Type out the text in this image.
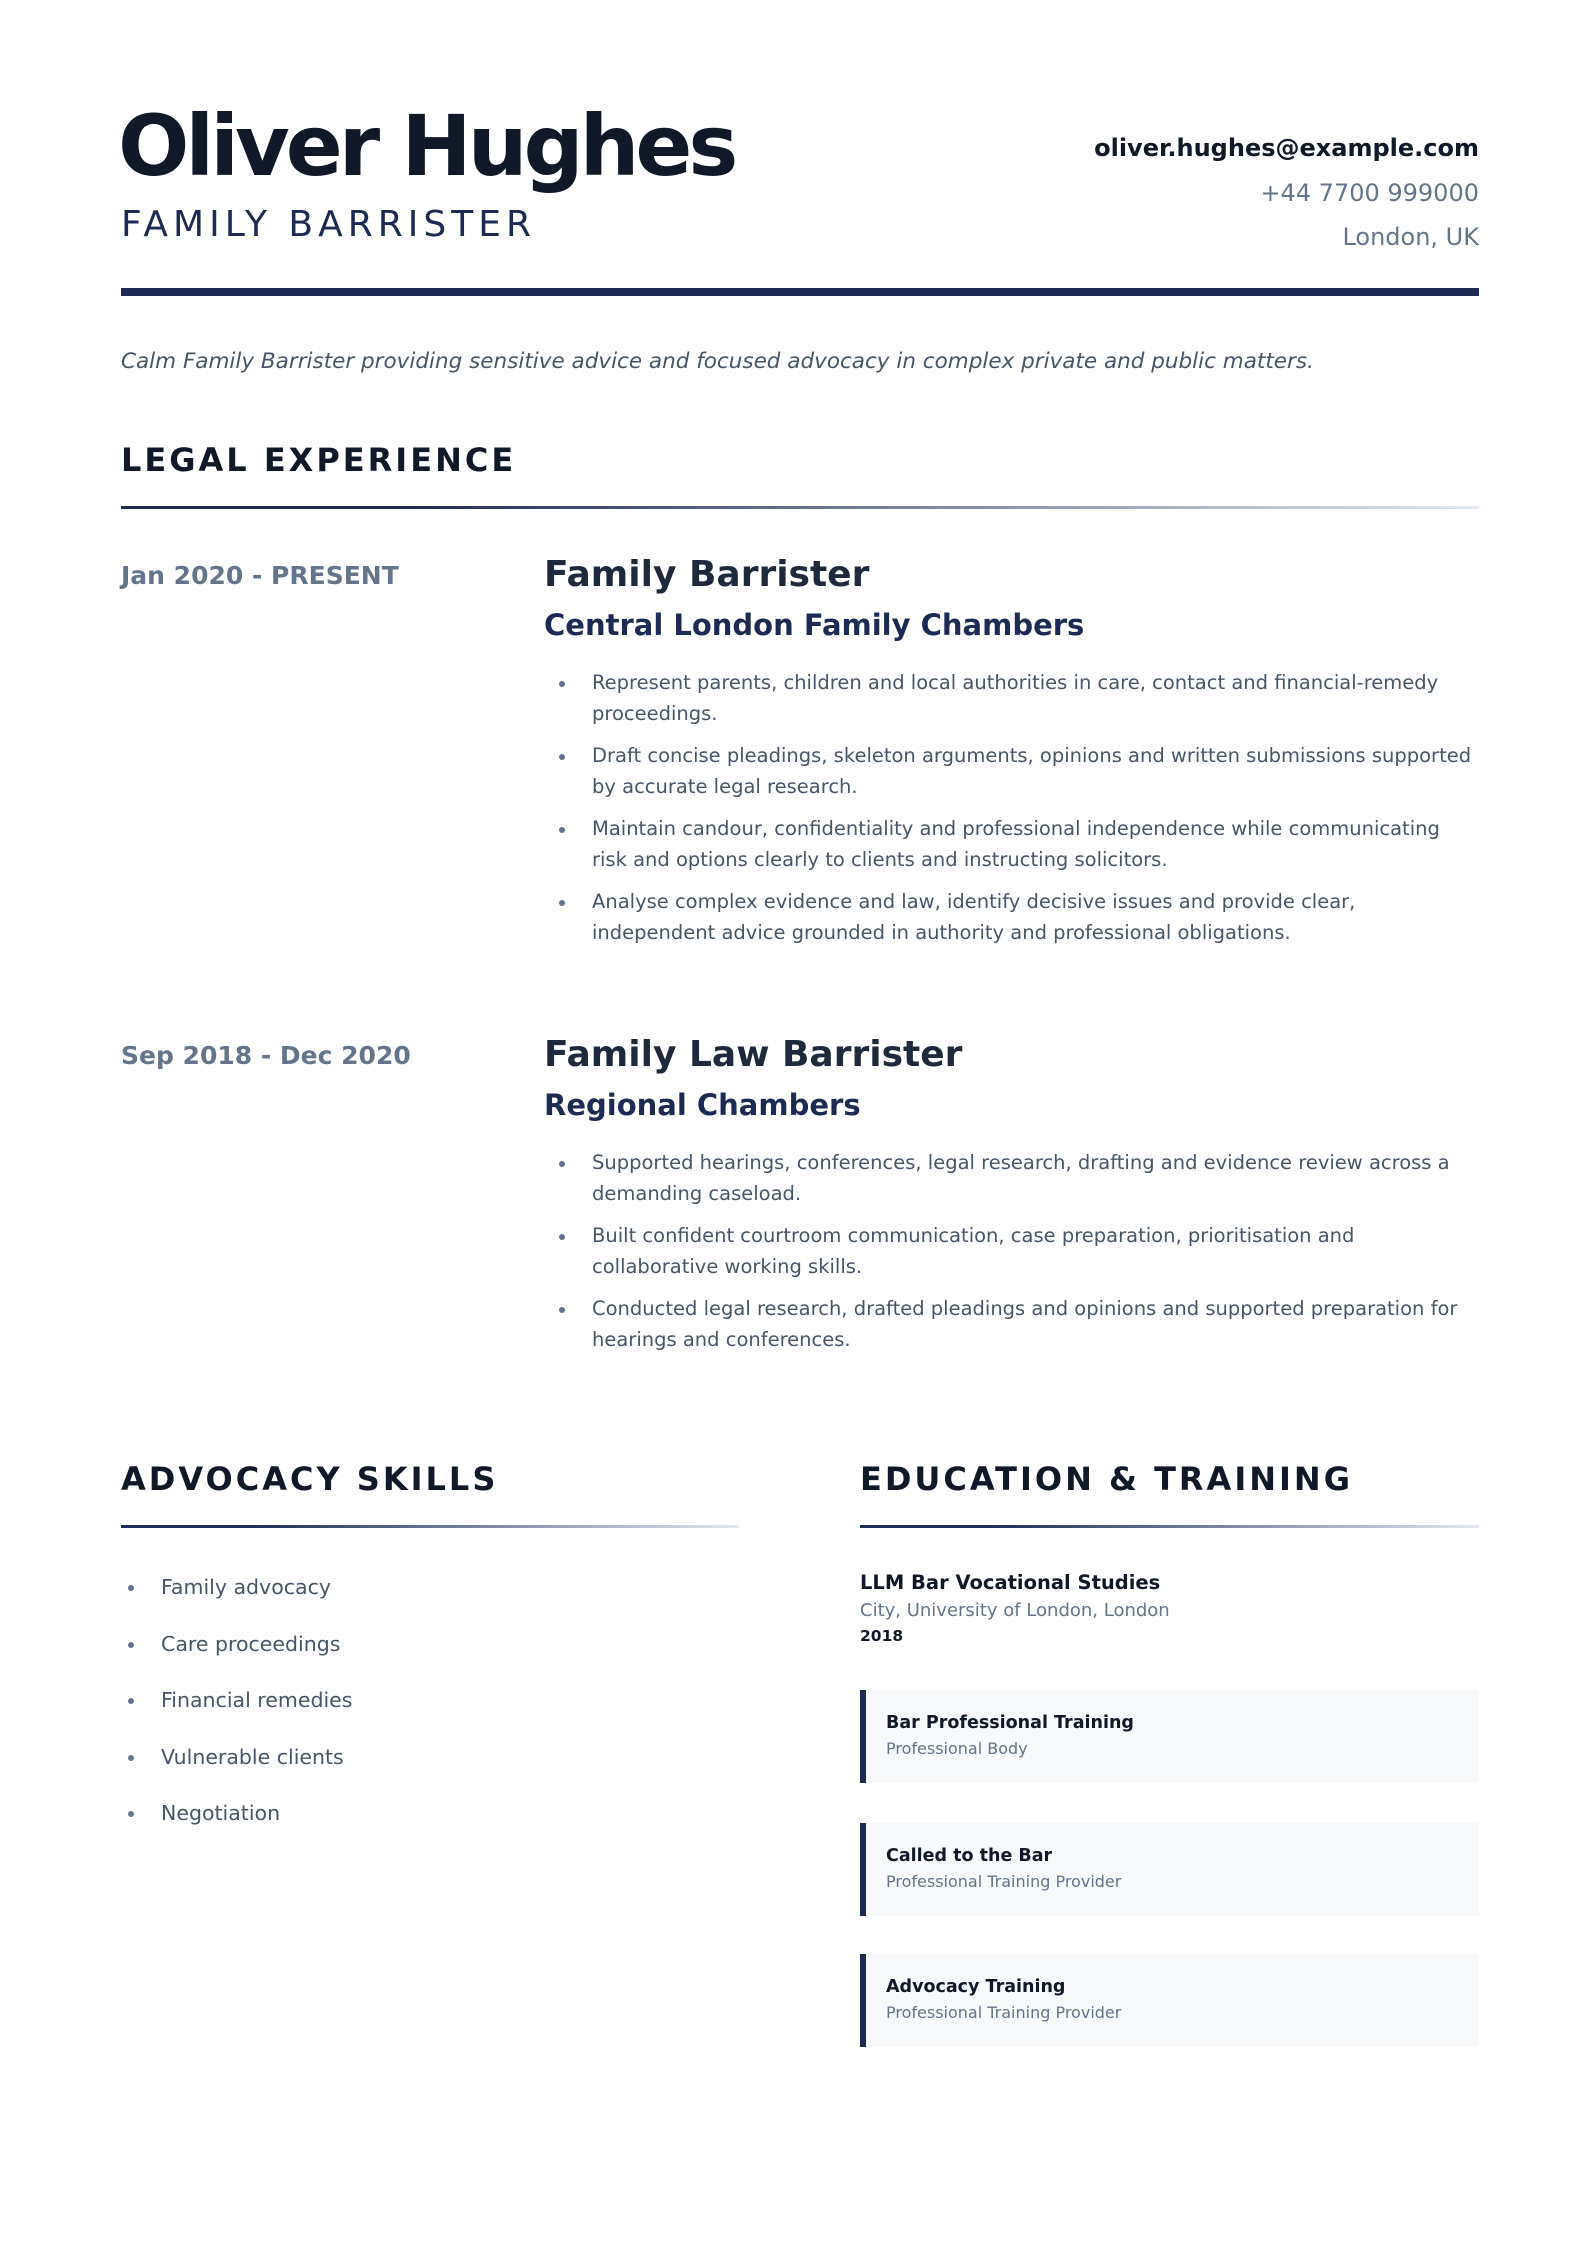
Oliver Hughes
FAMILY BARRISTER
oliver.hughes@example.com
+44 7700 999000
London, UK
Calm Family Barrister providing sensitive advice and focused advocacy in complex private and public matters.
LEGAL EXPERIENCE
Jan 2020 - PRESENT	Family Barrister
Central London Family Chambers
Represent parents, children and local authorities in care, contact and financial-remedy proceedings.
Draft concise pleadings, skeleton arguments, opinions and written submissions supported by accurate legal research.
Maintain candour, confidentiality and professional independence while communicating risk and options clearly to clients and instructing solicitors.
Analyse complex evidence and law, identify decisive issues and provide clear, independent advice grounded in authority and professional obligations.
Sep 2018 - Dec 2020	Family Law Barrister
Regional Chambers
Supported hearings, conferences, legal research, drafting and evidence review across a demanding caseload.
Built confident courtroom communication, case preparation, prioritisation and collaborative working skills.
Conducted legal research, drafted pleadings and opinions and supported preparation for hearings and conferences.
ADVOCACY SKILLS
Family advocacy
Care proceedings
Financial remedies
Vulnerable clients
Negotiation
EDUCATION & TRAINING
LLM Bar Vocational Studies
City, University of London, London
2018
Bar Professional Training
Professional Body
Called to the Bar
Professional Training Provider
Advocacy Training
Professional Training Provider
